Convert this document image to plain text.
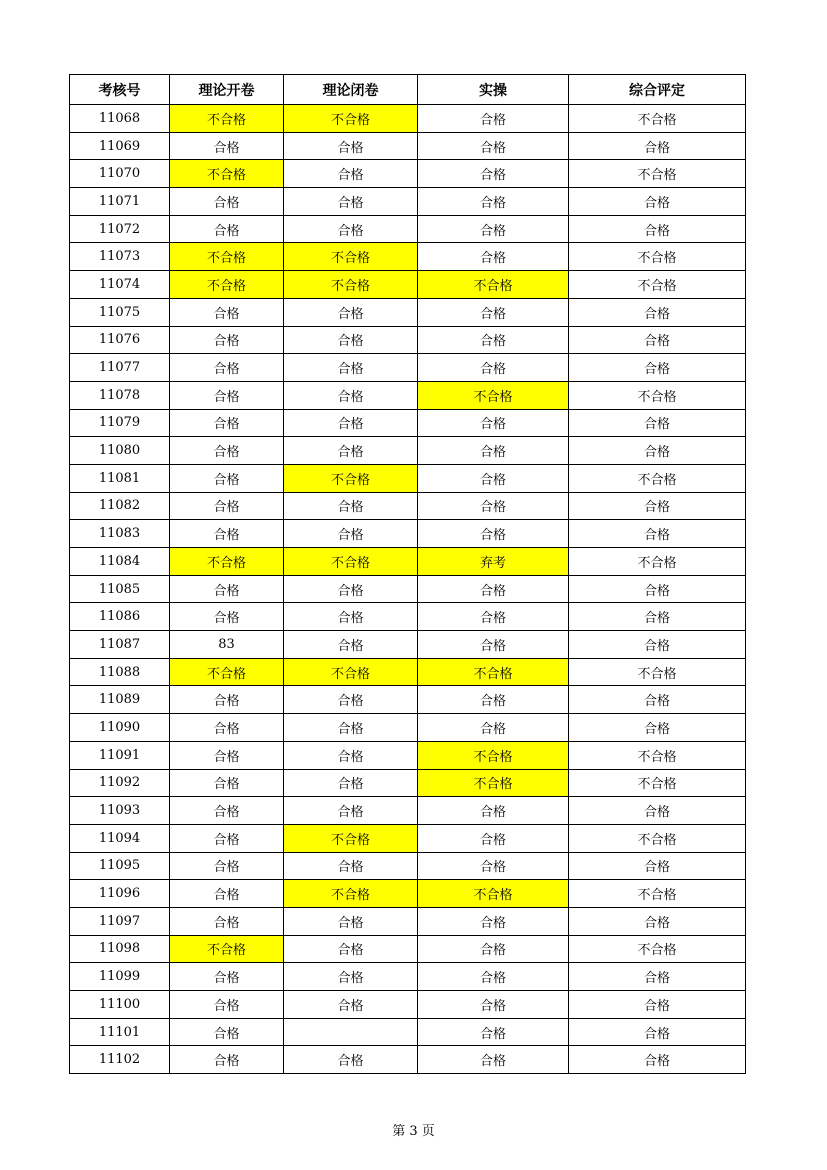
考核号	理论开卷	理论闭卷	实操	综合评定
11068	不合格	不合格	合格	不合格
11069	合格	合格	合格	合格
11070	不合格	合格	合格	不合格
11071	合格	合格	合格	合格
11072	合格	合格	合格	合格
11073	不合格	不合格	合格	不合格
11074	不合格	不合格	不合格	不合格
11075	合格	合格	合格	合格
11076	合格	合格	合格	合格
11077	合格	合格	合格	合格
11078	合格	合格	不合格	不合格
11079	合格	合格	合格	合格
11080	合格	合格	合格	合格
11081	合格	不合格	合格	不合格
11082	合格	合格	合格	合格
11083	合格	合格	合格	合格
11084	不合格	不合格	弃考	不合格
11085	合格	合格	合格	合格
11086	合格	合格	合格	合格
11087	83	合格	合格	合格
11088	不合格	不合格	不合格	不合格
11089	合格	合格	合格	合格
11090	合格	合格	合格	合格
11091	合格	合格	不合格	不合格
11092	合格	合格	不合格	不合格
11093	合格	合格	合格	合格
11094	合格	不合格	合格	不合格
11095	合格	合格	合格	合格
11096	合格	不合格	不合格	不合格
11097	合格	合格	合格	合格
11098	不合格	合格	合格	不合格
11099	合格	合格	合格	合格
11100	合格	合格	合格	合格
11101	合格		合格	合格
11102	合格	合格	合格	合格
第 3 页
